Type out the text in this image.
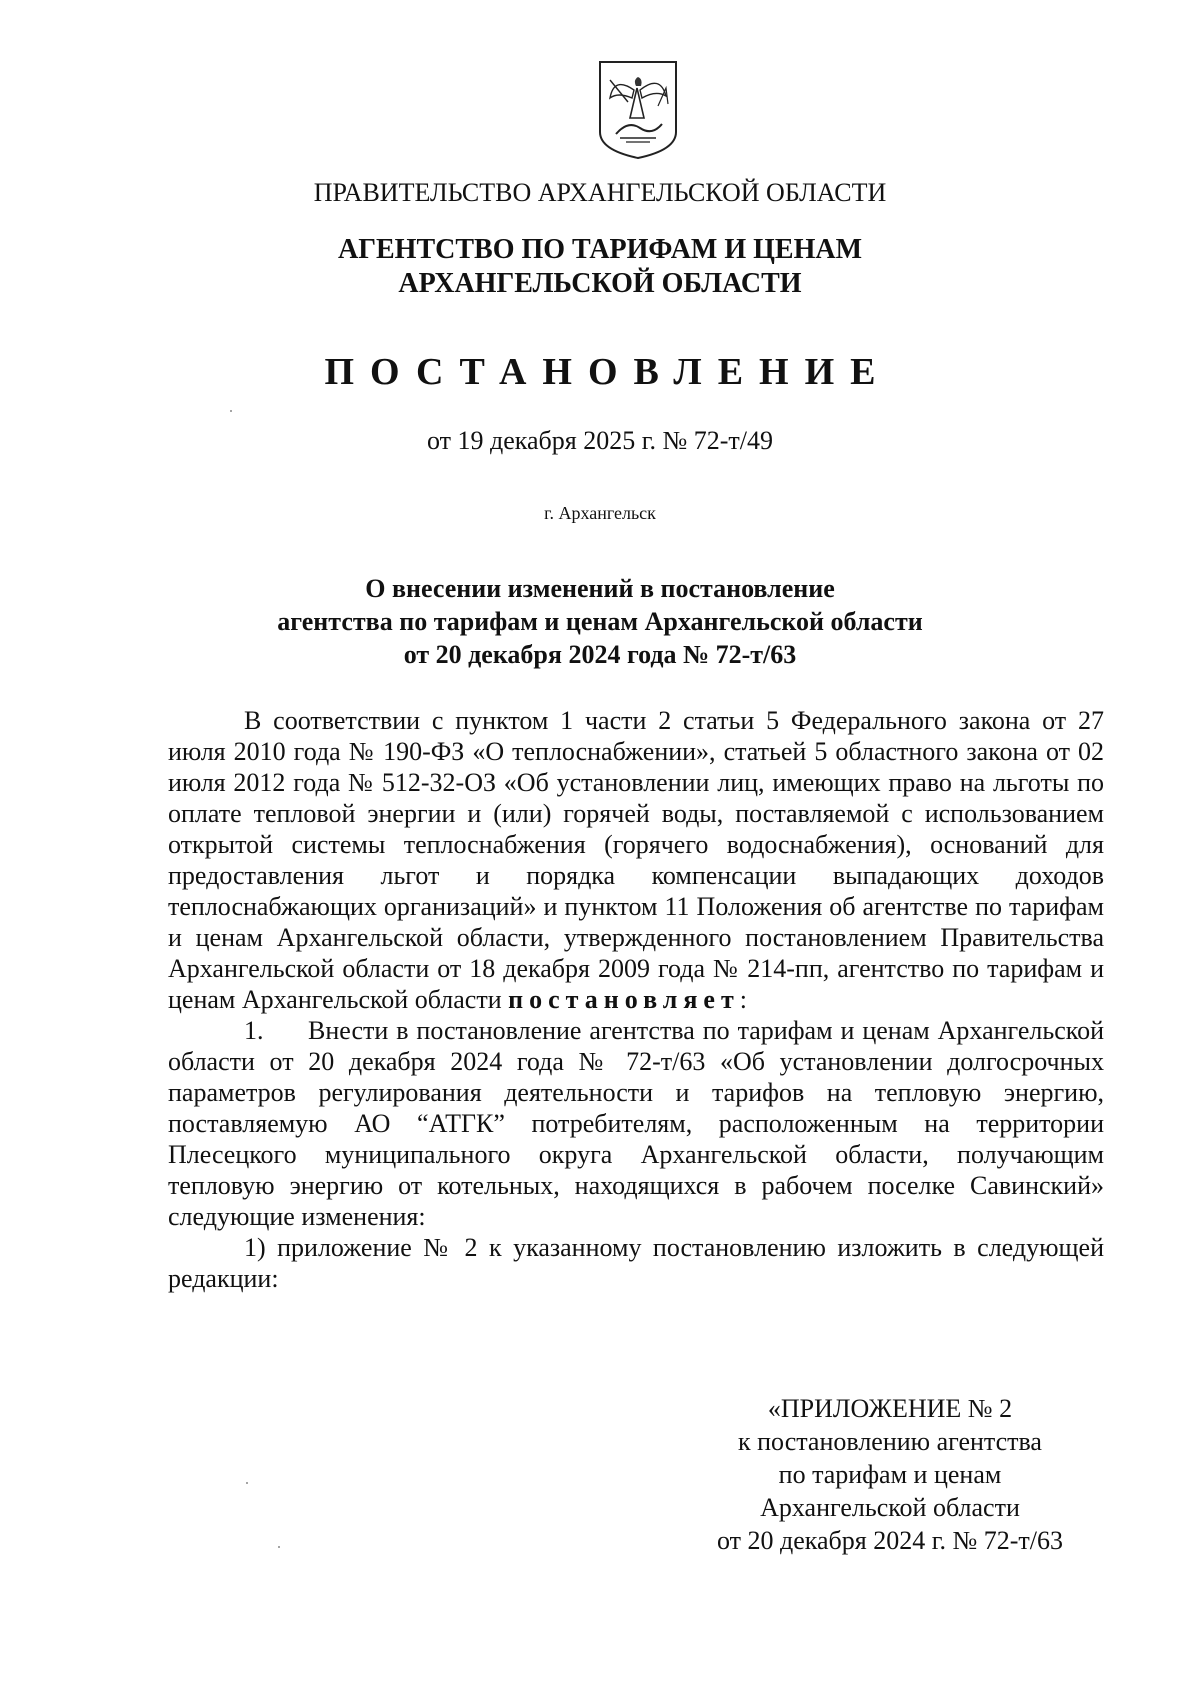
ПРАВИТЕЛЬСТВО АРХАНГЕЛЬСКОЙ ОБЛАСТИ
АГЕНТСТВО ПО ТАРИФАМ И ЦЕНАМ
АРХАНГЕЛЬСКОЙ ОБЛАСТИ
ПОСТАНОВЛЕНИЕ
от 19 декабря 2025 г. № 72-т/49
г. Архангельск
О внесении изменений в постановление
агентства по тарифам и ценам Архангельской области
от 20 декабря 2024 года № 72-т/63

В соответствии с пунктом 1 части 2 статьи 5 Федерального закона от 27 июля 2010 года № 190-ФЗ «О теплоснабжении», статьей 5 областного закона от 02 июля 2012 года № 512-32-ОЗ «Об установлении лиц, имеющих право на льготы по оплате тепловой энергии и (или) горячей воды, поставляемой с использованием открытой системы теплоснабжения (горячего водоснабжения), оснований для предоставления льгот и порядка компенсации выпадающих доходов теплоснабжающих организаций» и пунктом 11 Положения об агентстве по тарифам и ценам Архангельской области, утвержденного постановлением Правительства Архангельской области от 18 декабря 2009 года № 214-пп, агентство по тарифам и ценам Архангельской области постановляет:

1. Внести в постановление агентства по тарифам и ценам Архангельской области от 20 декабря 2024 года № 72-т/63 «Об установлении долгосрочных параметров регулирования деятельности и тарифов на тепловую энергию, поставляемую АО “АТГК” потребителям, расположенным на территории Плесецкого муниципального округа Архангельской области, получающим тепловую энергию от котельных, находящихся в рабочем поселке Савинский» следующие изменения:

1) приложение № 2 к указанному постановлению изложить в следующей редакции:

«ПРИЛОЖЕНИЕ № 2
к постановлению агентства
по тарифам и ценам
Архангельской области
от 20 декабря 2024 г. № 72-т/63
